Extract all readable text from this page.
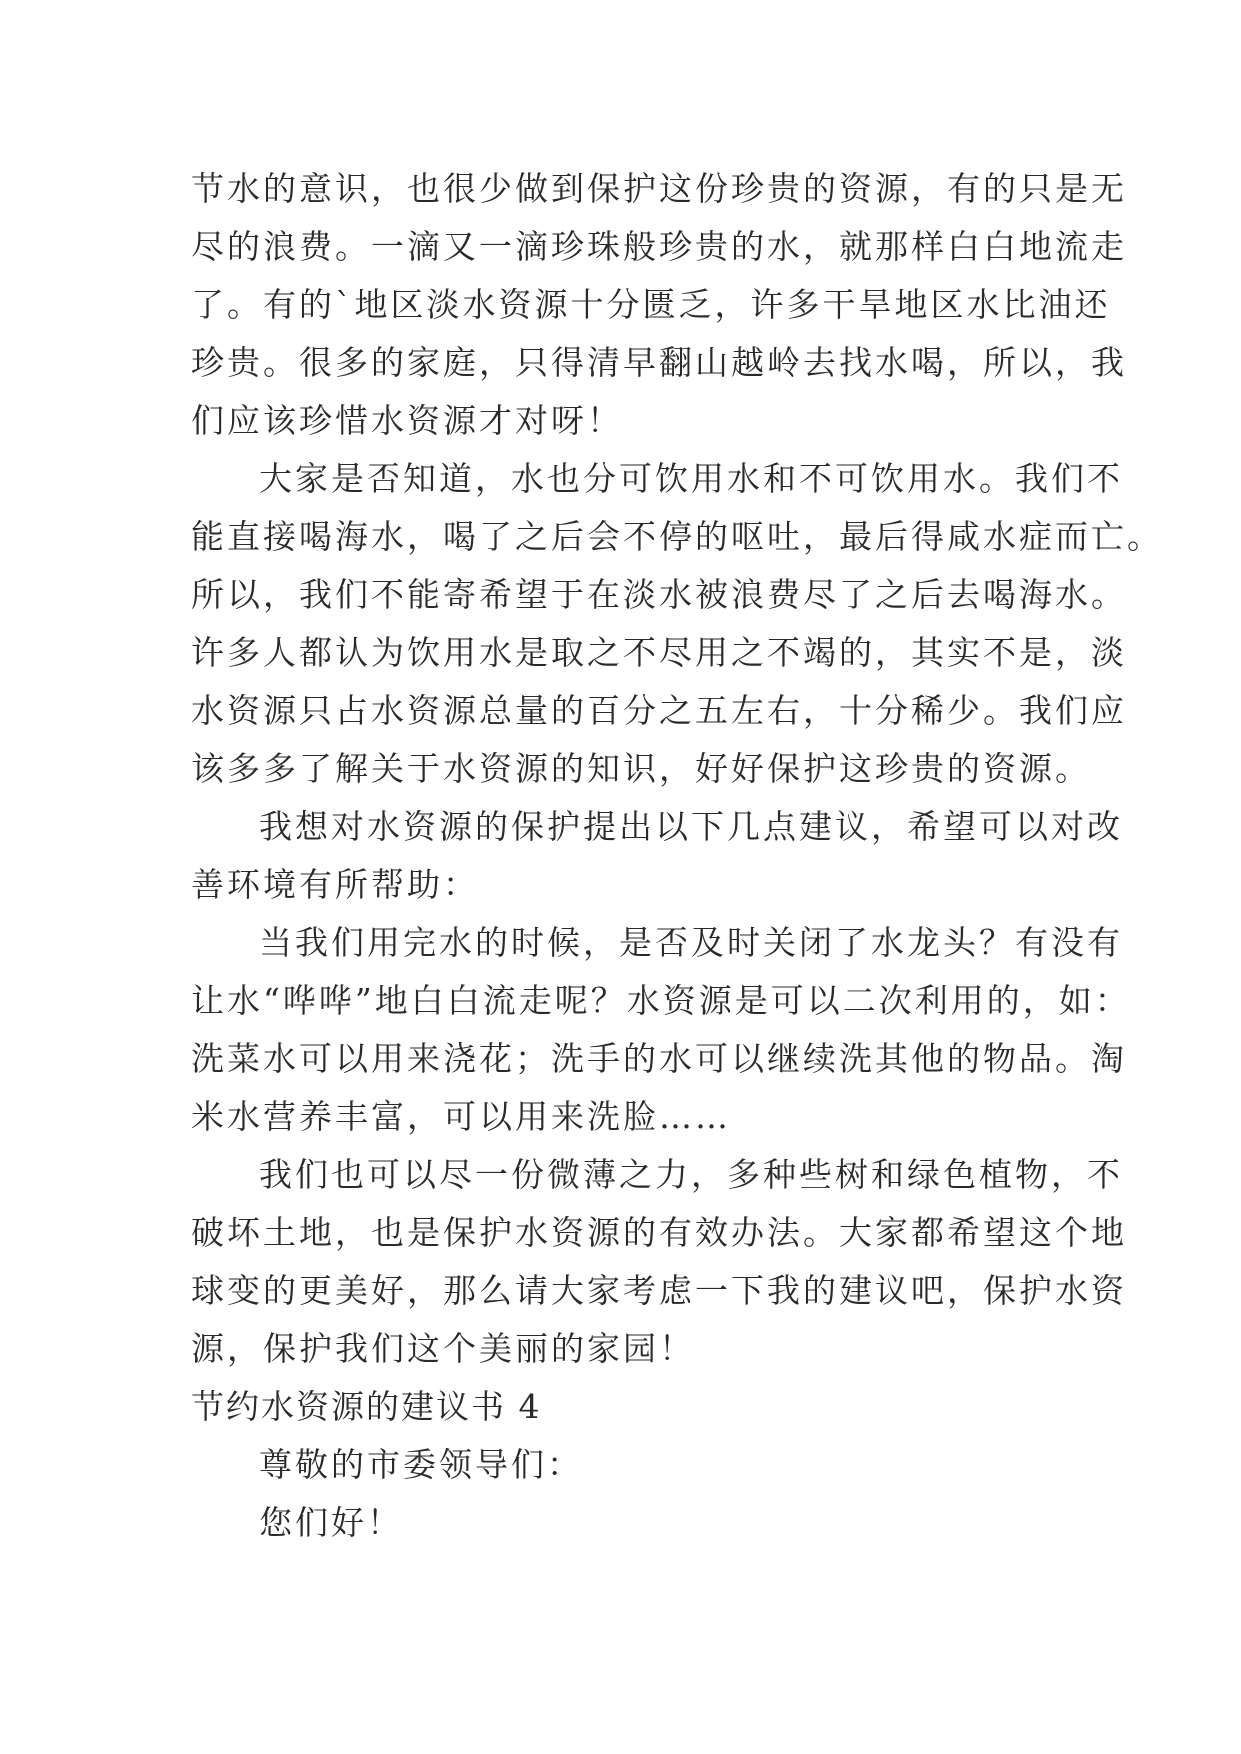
节水的意识，也很少做到保护这份珍贵的资源，有的只是无
尽的浪费。一滴又一滴珍珠般珍贵的水，就那样白白地流走
了。有的`地区淡水资源十分匮乏，许多干旱地区水比油还
珍贵。很多的家庭，只得清早翻山越岭去找水喝，所以，我
们应该珍惜水资源才对呀！
大家是否知道，水也分可饮用水和不可饮用水。我们不
能直接喝海水，喝了之后会不停的呕吐，最后得咸水症而亡。
所以，我们不能寄希望于在淡水被浪费尽了之后去喝海水。
许多人都认为饮用水是取之不尽用之不竭的，其实不是，淡
水资源只占水资源总量的百分之五左右，十分稀少。我们应
该多多了解关于水资源的知识，好好保护这珍贵的资源。
我想对水资源的保护提出以下几点建议，希望可以对改
善环境有所帮助：
当我们用完水的时候，是否及时关闭了水龙头？有没有
让水“哗哗”地白白流走呢？水资源是可以二次利用的，如：
洗菜水可以用来浇花；洗手的水可以继续洗其他的物品。淘
米水营养丰富，可以用来洗脸……
我们也可以尽一份微薄之力，多种些树和绿色植物，不
破坏土地，也是保护水资源的有效办法。大家都希望这个地
球变的更美好，那么请大家考虑一下我的建议吧，保护水资
源，保护我们这个美丽的家园！
节约水资源的建议书 4
尊敬的市委领导们：
您们好！
